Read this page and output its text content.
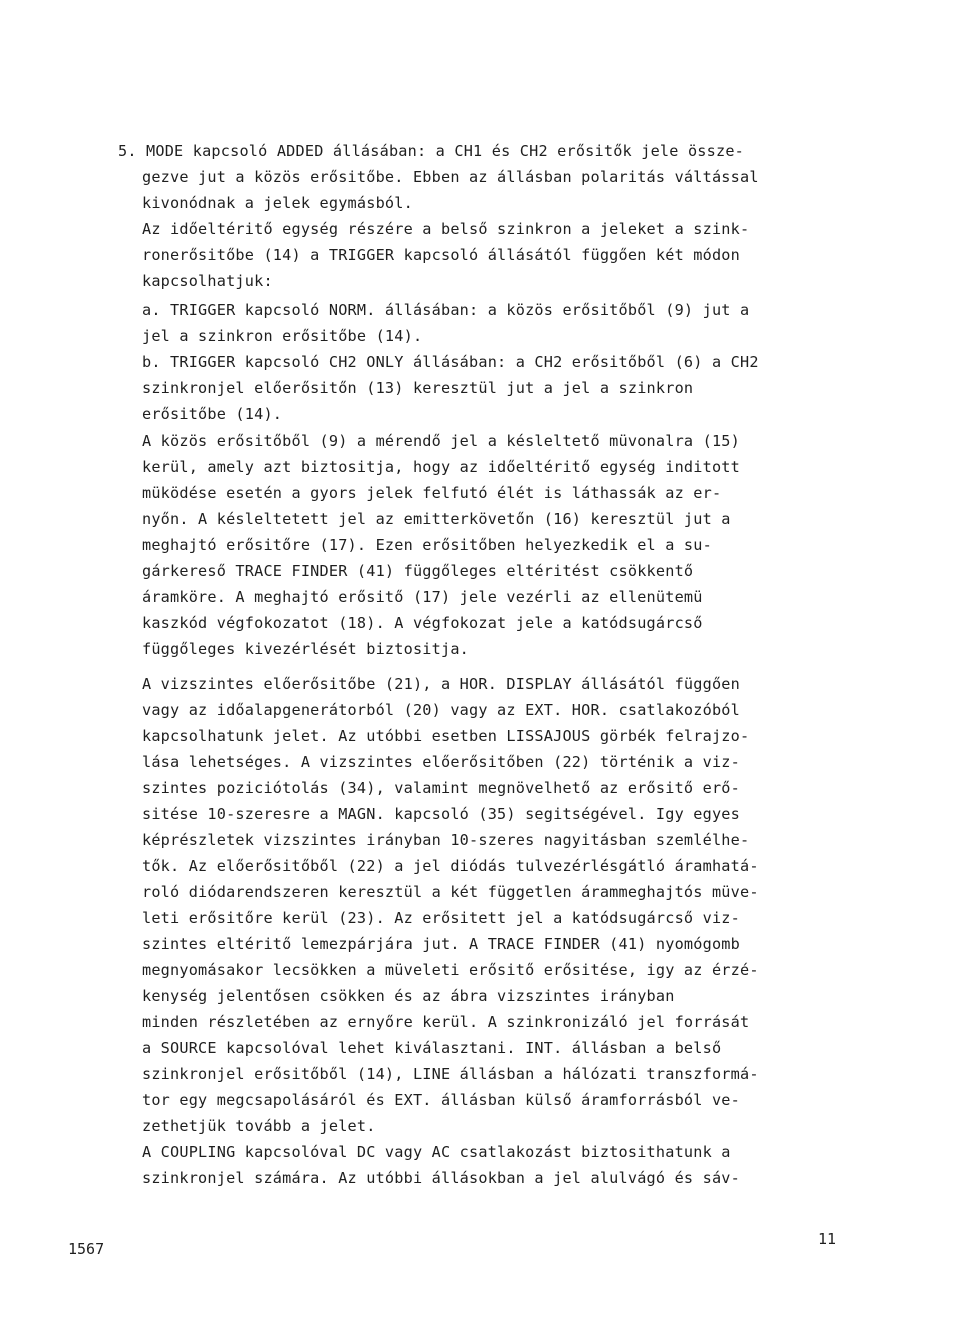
5. MODE kapcsoló ADDED állásában: a CH1 és CH2 erősitők jele össze-
gezve jut a közös erősitőbe. Ebben az állásban polaritás váltással
kivonódnak a jelek egymásból.
Az időeltéritő egység részére a belső szinkron a jeleket a szink-
ronerősitőbe (14) a TRIGGER kapcsoló állásától függően két módon
kapcsolhatjuk:
a. TRIGGER kapcsoló NORM. állásában: a közös erősitőből (9) jut a
jel a szinkron erősitőbe (14).
b. TRIGGER kapcsoló CH2 ONLY állásában: a CH2 erősitőből (6) a CH2
szinkronjel előerősitőn (13) keresztül jut a jel a szinkron
erősitőbe (14).
A közös erősitőből (9) a mérendő jel a késleltető müvonalra (15)
kerül, amely azt biztositja, hogy az időeltéritő egység inditott
müködése esetén a gyors jelek felfutó élét is láthassák az er-
nyőn. A késleltetett jel az emitterkövetőn (16) keresztül jut a
meghajtó erősitőre (17). Ezen erősitőben helyezkedik el a su-
gárkereső TRACE FINDER (41) függőleges eltéritést csökkentő
áramköre. A meghajtó erősitő (17) jele vezérli az ellenütemü
kaszkód végfokozatot (18). A végfokozat jele a katódsugárcső
függőleges kivezérlését biztositja.
A vizszintes előerősitőbe (21), a HOR. DISPLAY állásától függően
vagy az időalapgenerátorból (20) vagy az EXT. HOR. csatlakozóból
kapcsolhatunk jelet. Az utóbbi esetben LISSAJOUS görbék felrajzo-
lása lehetséges. A vizszintes előerősitőben (22) történik a viz-
szintes poziciótolás (34), valamint megnövelhető az erősitő erő-
sitése 10-szeresre a MAGN. kapcsoló (35) segitségével. Igy egyes
képrészletek vizszintes irányban 10-szeres nagyitásban szemlélhe-
tők. Az előerősitőből (22) a jel diódás tulvezérlésgátló áramhatá-
roló diódarendszeren keresztül a két független árammeghajtós müve-
leti erősitőre kerül (23). Az erősitett jel a katódsugárcső viz-
szintes eltéritő lemezpárjára jut. A TRACE FINDER (41) nyomógomb
megnyomásakor lecsökken a müveleti erősitő erősitése, igy az érzé-
kenység jelentősen csökken és az ábra vizszintes irányban
minden részletében az ernyőre kerül. A szinkronizáló jel forrását
a SOURCE kapcsolóval lehet kiválasztani. INT. állásban a belső
szinkronjel erősitőből (14), LINE állásban a hálózati transzformá-
tor egy megcsapolásáról és EXT. állásban külső áramforrásból ve-
zethetjük tovább a jelet.
A COUPLING kapcsolóval DC vagy AC csatlakozást biztosithatunk a
szinkronjel számára. Az utóbbi állásokban a jel alulvágó és sáv-
1567
11
